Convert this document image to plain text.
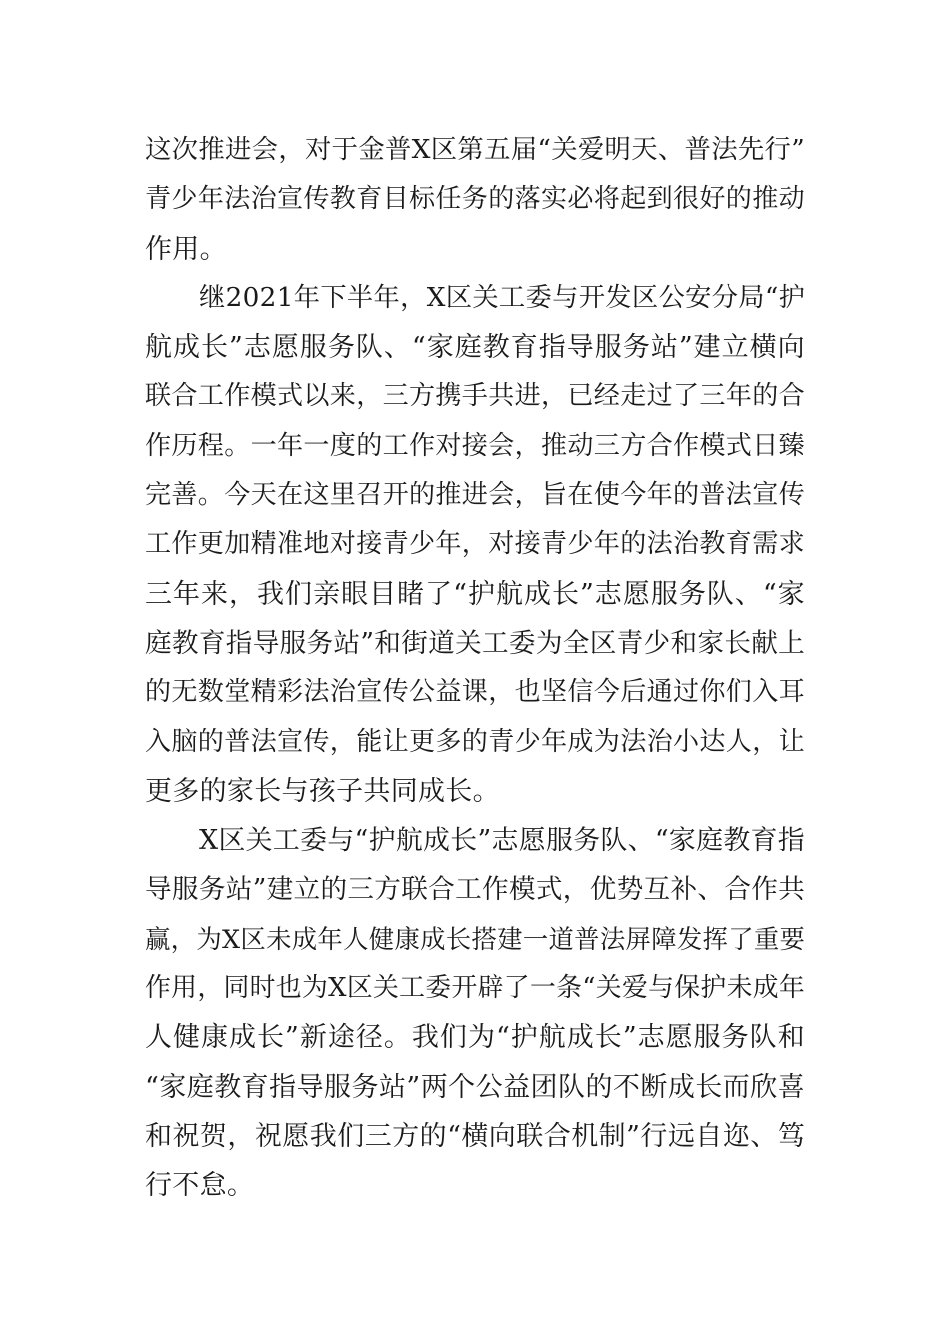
这次推进会，对于金普X区第五届“关爱明天、普法先行”
青少年法治宣传教育目标任务的落实必将起到很好的推动
作用。
继2021年下半年，X区关工委与开发区公安分局“护
航成长”志愿服务队、“家庭教育指导服务站”建立横向
联合工作模式以来，三方携手共进，已经走过了三年的合
作历程。一年一度的工作对接会，推动三方合作模式日臻
完善。今天在这里召开的推进会，旨在使今年的普法宣传
工作更加精准地对接青少年，对接青少年的法治教育需求
三年来，我们亲眼目睹了“护航成长”志愿服务队、“家
庭教育指导服务站”和街道关工委为全区青少和家长献上
的无数堂精彩法治宣传公益课，也坚信今后通过你们入耳
入脑的普法宣传，能让更多的青少年成为法治小达人，让
更多的家长与孩子共同成长。
X区关工委与“护航成长”志愿服务队、“家庭教育指
导服务站”建立的三方联合工作模式，优势互补、合作共
赢，为X区未成年人健康成长搭建一道普法屏障发挥了重要
作用，同时也为X区关工委开辟了一条“关爱与保护未成年
人健康成长”新途径。我们为“护航成长”志愿服务队和
“家庭教育指导服务站”两个公益团队的不断成长而欣喜
和祝贺，祝愿我们三方的“横向联合机制”行远自迩、笃
行不怠。
